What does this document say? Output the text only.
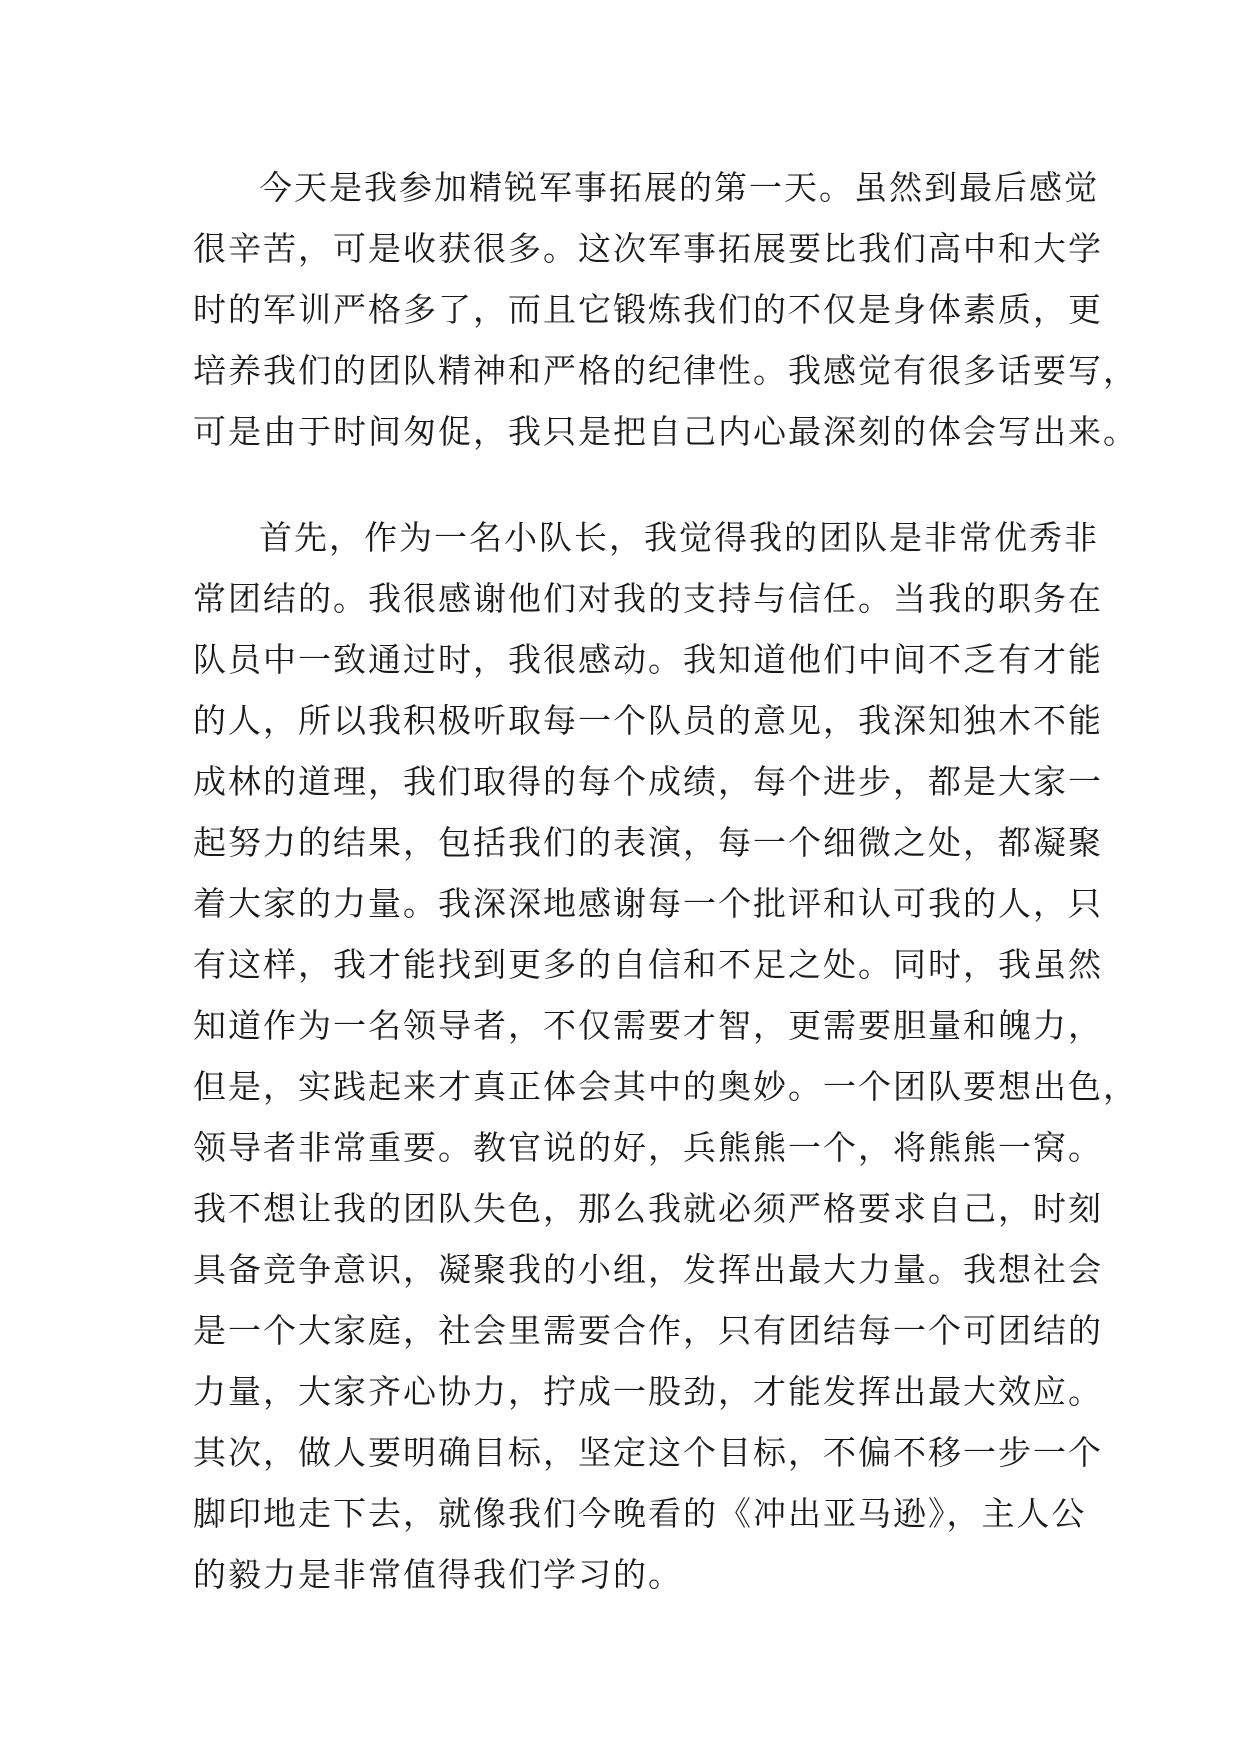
今天是我参加精锐军事拓展的第一天。虽然到最后感觉
很辛苦，可是收获很多。这次军事拓展要比我们高中和大学
时的军训严格多了，而且它锻炼我们的不仅是身体素质，更
培养我们的团队精神和严格的纪律性。我感觉有很多话要写，
可是由于时间匆促，我只是把自己内心最深刻的体会写出来。

首先，作为一名小队长，我觉得我的团队是非常优秀非
常团结的。我很感谢他们对我的支持与信任。当我的职务在
队员中一致通过时，我很感动。我知道他们中间不乏有才能
的人，所以我积极听取每一个队员的意见，我深知独木不能
成林的道理，我们取得的每个成绩，每个进步，都是大家一
起努力的结果，包括我们的表演，每一个细微之处，都凝聚
着大家的力量。我深深地感谢每一个批评和认可我的人，只
有这样，我才能找到更多的自信和不足之处。同时，我虽然
知道作为一名领导者，不仅需要才智，更需要胆量和魄力，
但是，实践起来才真正体会其中的奥妙。一个团队要想出色，
领导者非常重要。教官说的好，兵熊熊一个，将熊熊一窝。
我不想让我的团队失色，那么我就必须严格要求自己，时刻
具备竞争意识，凝聚我的小组，发挥出最大力量。我想社会
是一个大家庭，社会里需要合作，只有团结每一个可团结的
力量，大家齐心协力，拧成一股劲，才能发挥出最大效应。
其次，做人要明确目标，坚定这个目标，不偏不移一步一个
脚印地走下去，就像我们今晚看的《冲出亚马逊》，主人公
的毅力是非常值得我们学习的。
